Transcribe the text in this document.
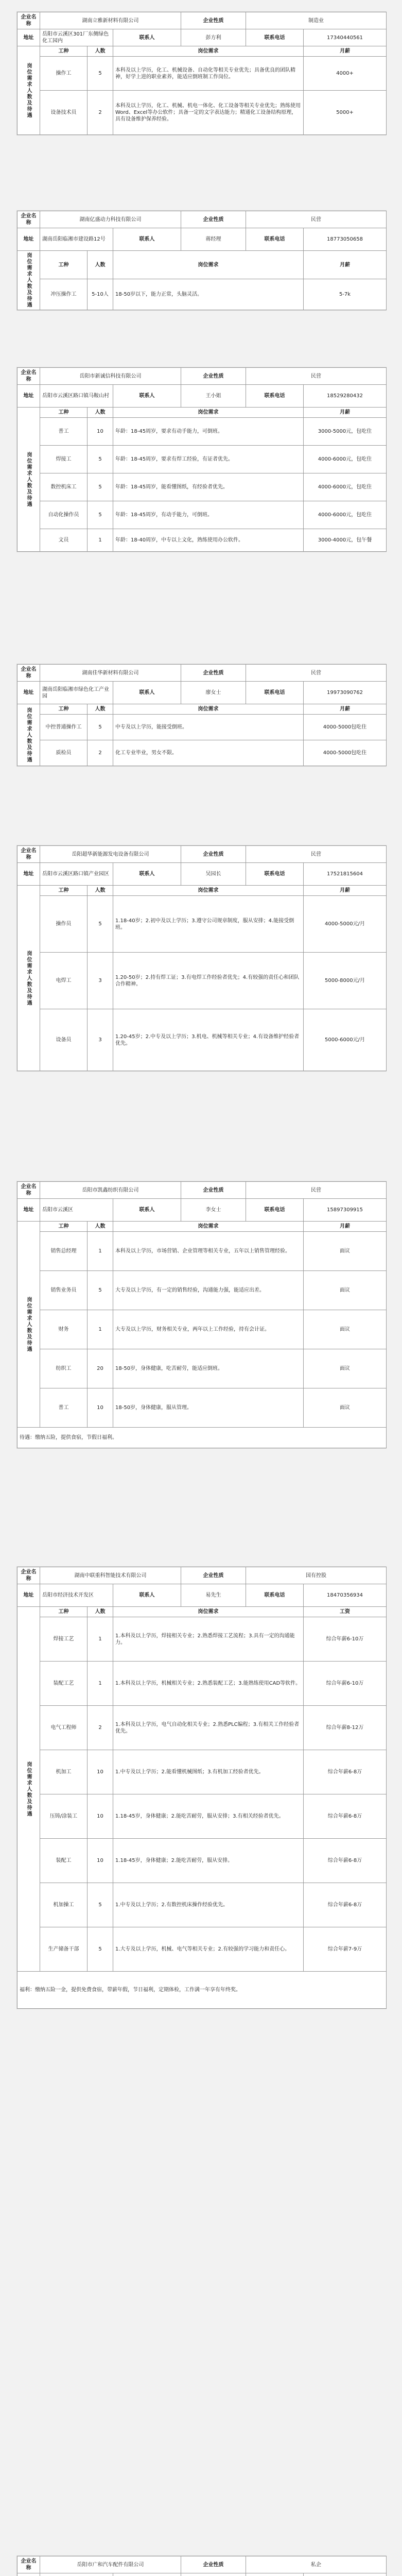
企业名称	湖南立雅新材料有限公司			企业性质	制造业	
地址	岳阳市云溪区301厂东侧绿色化工园内		联系人	彭方利	联系电话	17340440561

岗位需求人数及待遇	工种	人数	岗位需求			月薪
	操作工	5	本科及以上学历，化工、机械设备、自动化等相关专业优先；具备优良的团队精神，好学上进的职业素养，能适应倒班制工作岗位。			4000+
	设备技术员	2	本科及以上学历，化工、机械、机电一体化、化工设备等相关专业优先；熟练使用Word、Excel等办公软件；具备一定的文字表达能力；精通化工设备结构原理，具有设备维护保养经验。			5000+
企业名称	湖南亿盛动力科技有限公司			企业性质	民营	
地址	湖南岳阳临湘市建设路12号		联系人	蒋经理	联系电话	18773050658

岗位需求人数及待遇	工种	人数	岗位需求			月薪
	冲压操作工	5-10人	18-50岁以下，能力正常，头脑灵活。			5-7k
企业名称	岳阳市新诚信科技有限公司			企业性质	民营	
地址	岳阳市云溪区路口镇马鞍山村		联系人	王小姐	联系电话	18529280432

岗位需求人数及待遇	工种	人数	岗位需求			月薪
	普工	10	年龄：18-45周岁，要求有动手能力，可倒班。			3000-5000元，包吃住
	焊接工	5	年龄：18-45周岁，要求有焊工经验，有证者优先。			4000-6000元，包吃住
	数控机床工	5	年龄：18-45周岁，能看懂图纸，有经验者优先。			4000-6000元，包吃住
	自动化操作员	5	年龄：18-45周岁，有动手能力，可倒班。			4000-6000元，包吃住
	文员	1	年龄：18-40周岁，中专以上文化，熟练使用办公软件。			3000-4000元，包午餐
企业名称	湖南佳华新材料有限公司			企业性质	民营	
地址	湖南岳阳临湘市绿色化工产业园		联系人	廖女士	联系电话	19973090762

岗位需求人数及待遇	工种	人数	岗位需求			月薪
	中控普通操作工	5	中专及以上学历，能接受倒班。			4000-5000包吃住
	质检员	2	化工专业毕业，男女不限。			4000-5000包吃住
企业名称	岳阳超华新能源发电设备有限公司			企业性质	民营	
地址	岳阳市云溪区路口镇产业园区		联系人	吴园长	联系电话	17521815604

岗位需求人数及待遇	工种	人数	岗位需求			月薪
	操作员	5	1.18-40岁；2.初中及以上学历；3.遵守公司规章制度，服从安排；4.能接受倒班。			4000-5000元/月
	电焊工	3	1.20-50岁；2.持有焊工证；3.有电焊工作经验者优先；4.有较强的责任心和团队合作精神。			5000-8000元/月
	设备员	3	1.20-45岁；2.中专及以上学历；3.机电、机械等相关专业；4.有设备维护经验者优先。			5000-6000元/月
企业名称	岳阳市凯鑫纺织有限公司			企业性质	民营	
地址	岳阳市云溪区		联系人	李女士	联系电话	15897309915

岗位需求人数及待遇	工种	人数	岗位需求			月薪
	销售总经理	1	本科及以上学历，市场营销、企业管理等相关专业，五年以上销售管理经验。			面议
	销售业务员	5	大专及以上学历，有一定的销售经验，沟通能力强，能适应出差。			面议
	财务	1	大专及以上学历，财务相关专业，两年以上工作经验，持有会计证。			面议
	纺织工	20	18-50岁，身体健康，吃苦耐劳，能适应倒班。			面议
	普工	10	18-50岁，身体健康，服从管理。			面议
待遇：缴纳五险，提供食宿，节假日福利。						
企业名称	湖南中联重科智能技术有限公司			企业性质	国有控股	
地址	岳阳市经济技术开发区		联系人	易先生	联系电话	18470356934

岗位需求人数及待遇	工种	人数	岗位需求			工资
	焊接工艺	1	1.本科及以上学历，焊接相关专业；2.熟悉焊接工艺流程；3.具有一定的沟通能力。			综合年薪6-10万
	装配工艺	1	1.本科及以上学历，机械相关专业；2.熟悉装配工艺；3.能熟练使用CAD等软件。			综合年薪6-10万
	电气工程师	2	1.本科及以上学历，电气自动化相关专业；2.熟悉PLC编程；3.有相关工作经验者优先。			综合年薪8-12万
	机加工	10	1.中专及以上学历；2.能看懂机械图纸；3.有机加工经验者优先。			综合年薪6-8万
	压铸/涂装工	10	1.18-45岁，身体健康；2.能吃苦耐劳，服从安排；3.有相关经验者优先。			综合年薪6-8万
	装配工	10	1.18-45岁，身体健康；2.能吃苦耐劳，服从安排。			综合年薪6-8万
	机加操工	5	1.中专及以上学历；2.有数控机床操作经验优先。			综合年薪6-8万
	生产储备干部	5	1.大专及以上学历，机械、电气等相关专业；2.有较强的学习能力和责任心。			综合年薪7-9万
福利：缴纳五险一金，提供免费食宿，带薪年假，节日福利，定期体检，工作满一年享有年终奖。						
企业名称	岳阳市广和汽车配件有限公司			企业性质	私企	
